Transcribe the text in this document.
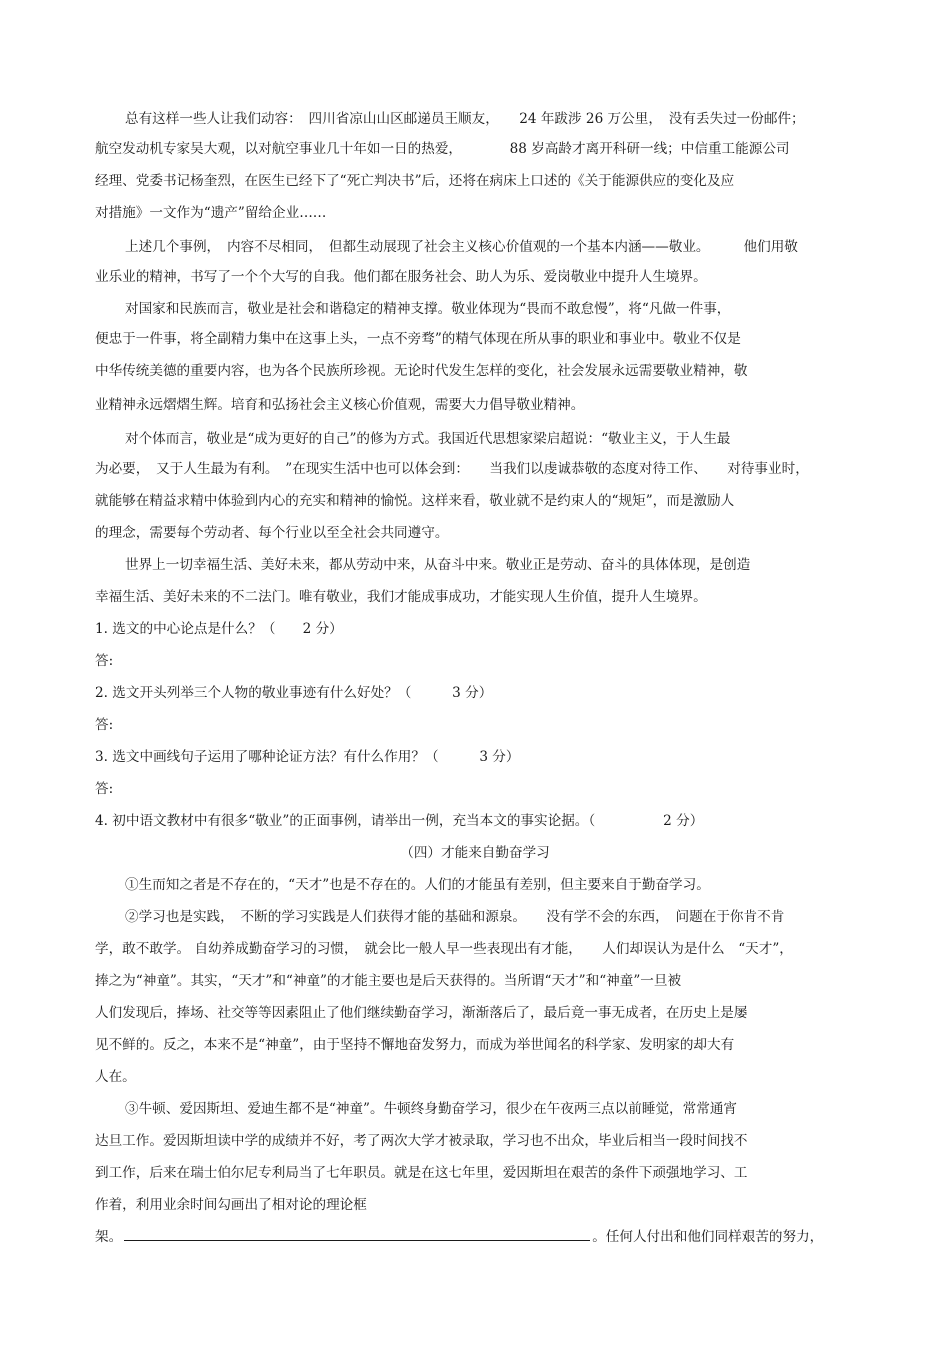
总有这样一些人让我们动容：　四川省凉山山区邮递员王顺友，　　24 年跋涉 26 万公里，　没有丢失过一份邮件；
航空发动机专家吴大观，以对航空事业几十年如一日的热爱，　　　　88 岁高龄才离开科研一线；中信重工能源公司
经理、党委书记杨奎烈，在医生已经下了“死亡判决书”后，还将在病床上口述的《关于能源供应的变化及应
对措施》一文作为“遗产”留给企业……
上述几个事例，　内容不尽相同，　但都生动展现了社会主义核心价值观的一个基本内涵——敬业。　　　他们用敬
业乐业的精神，书写了一个个大写的自我。他们都在服务社会、助人为乐、爱岗敬业中提升人生境界。
对国家和民族而言，敬业是社会和谐稳定的精神支撑。敬业体现为“畏而不敢怠慢”，将“凡做一件事，
便忠于一件事，将全副精力集中在这事上头，一点不旁骛”的精气体现在所从事的职业和事业中。敬业不仅是
中华传统美德的重要内容，也为各个民族所珍视。无论时代发生怎样的变化，社会发展永远需要敬业精神，敬
业精神永远熠熠生辉。培育和弘扬社会主义核心价值观，需要大力倡导敬业精神。
对个体而言，敬业是“成为更好的自己”的修为方式。我国近代思想家梁启超说：“敬业主义，于人生最
为必要，　又于人生最为有利。　”在现实生活中也可以体会到：　　当我们以虔诚恭敬的态度对待工作、　　对待事业时，
就能够在精益求精中体验到内心的充实和精神的愉悦。这样来看，敬业就不是约束人的“规矩”，而是激励人
的理念，需要每个劳动者、每个行业以至全社会共同遵守。
世界上一切幸福生活、美好未来，都从劳动中来，从奋斗中来。敬业正是劳动、奋斗的具体体现，是创造
幸福生活、美好未来的不二法门。唯有敬业，我们才能成事成功，才能实现人生价值，提升人生境界。
1. 选文的中心论点是什么？（　　2 分）
答:
2. 选文开头列举三个人物的敬业事迹有什么好处？（　　　3 分）
答:
3. 选文中画线句子运用了哪种论证方法？有什么作用？（　　　3 分）
答:
4. 初中语文教材中有很多“敬业”的正面事例，请举出一例，充当本文的事实论据。（　　　　　2 分）
（四）才能来自勤奋学习
①生而知之者是不存在的，“天才”也是不存在的。人们的才能虽有差别，但主要来自于勤奋学习。
②学习也是实践，　不断的学习实践是人们获得才能的基础和源泉。　　没有学不会的东西，　问题在于你肯不肯
学，敢不敢学。 自幼养成勤奋学习的习惯，　就会比一般人早一些表现出有才能，　　人们却误认为是什么　“天才”，
捧之为“神童”。其实，“天才”和“神童”的才能主要也是后天获得的。当所谓“天才”和“神童”一旦被
人们发现后，捧场、社交等等因素阻止了他们继续勤奋学习，渐渐落后了，最后竟一事无成者，在历史上是屡
见不鲜的。反之，本来不是“神童”，由于坚持不懈地奋发努力，而成为举世闻名的科学家、发明家的却大有
人在。
③牛顿、爱因斯坦、爱迪生都不是“神童”。牛顿终身勤奋学习，很少在午夜两三点以前睡觉，常常通宵
达旦工作。爱因斯坦读中学的成绩并不好，考了两次大学才被录取，学习也不出众，毕业后相当一段时间找不
到工作，后来在瑞士伯尔尼专利局当了七年职员。就是在这七年里，爱因斯坦在艰苦的条件下顽强地学习、工
作着，利用业余时间勾画出了相对论的理论框
架。	。任何人付出和他们同样艰苦的努力，
